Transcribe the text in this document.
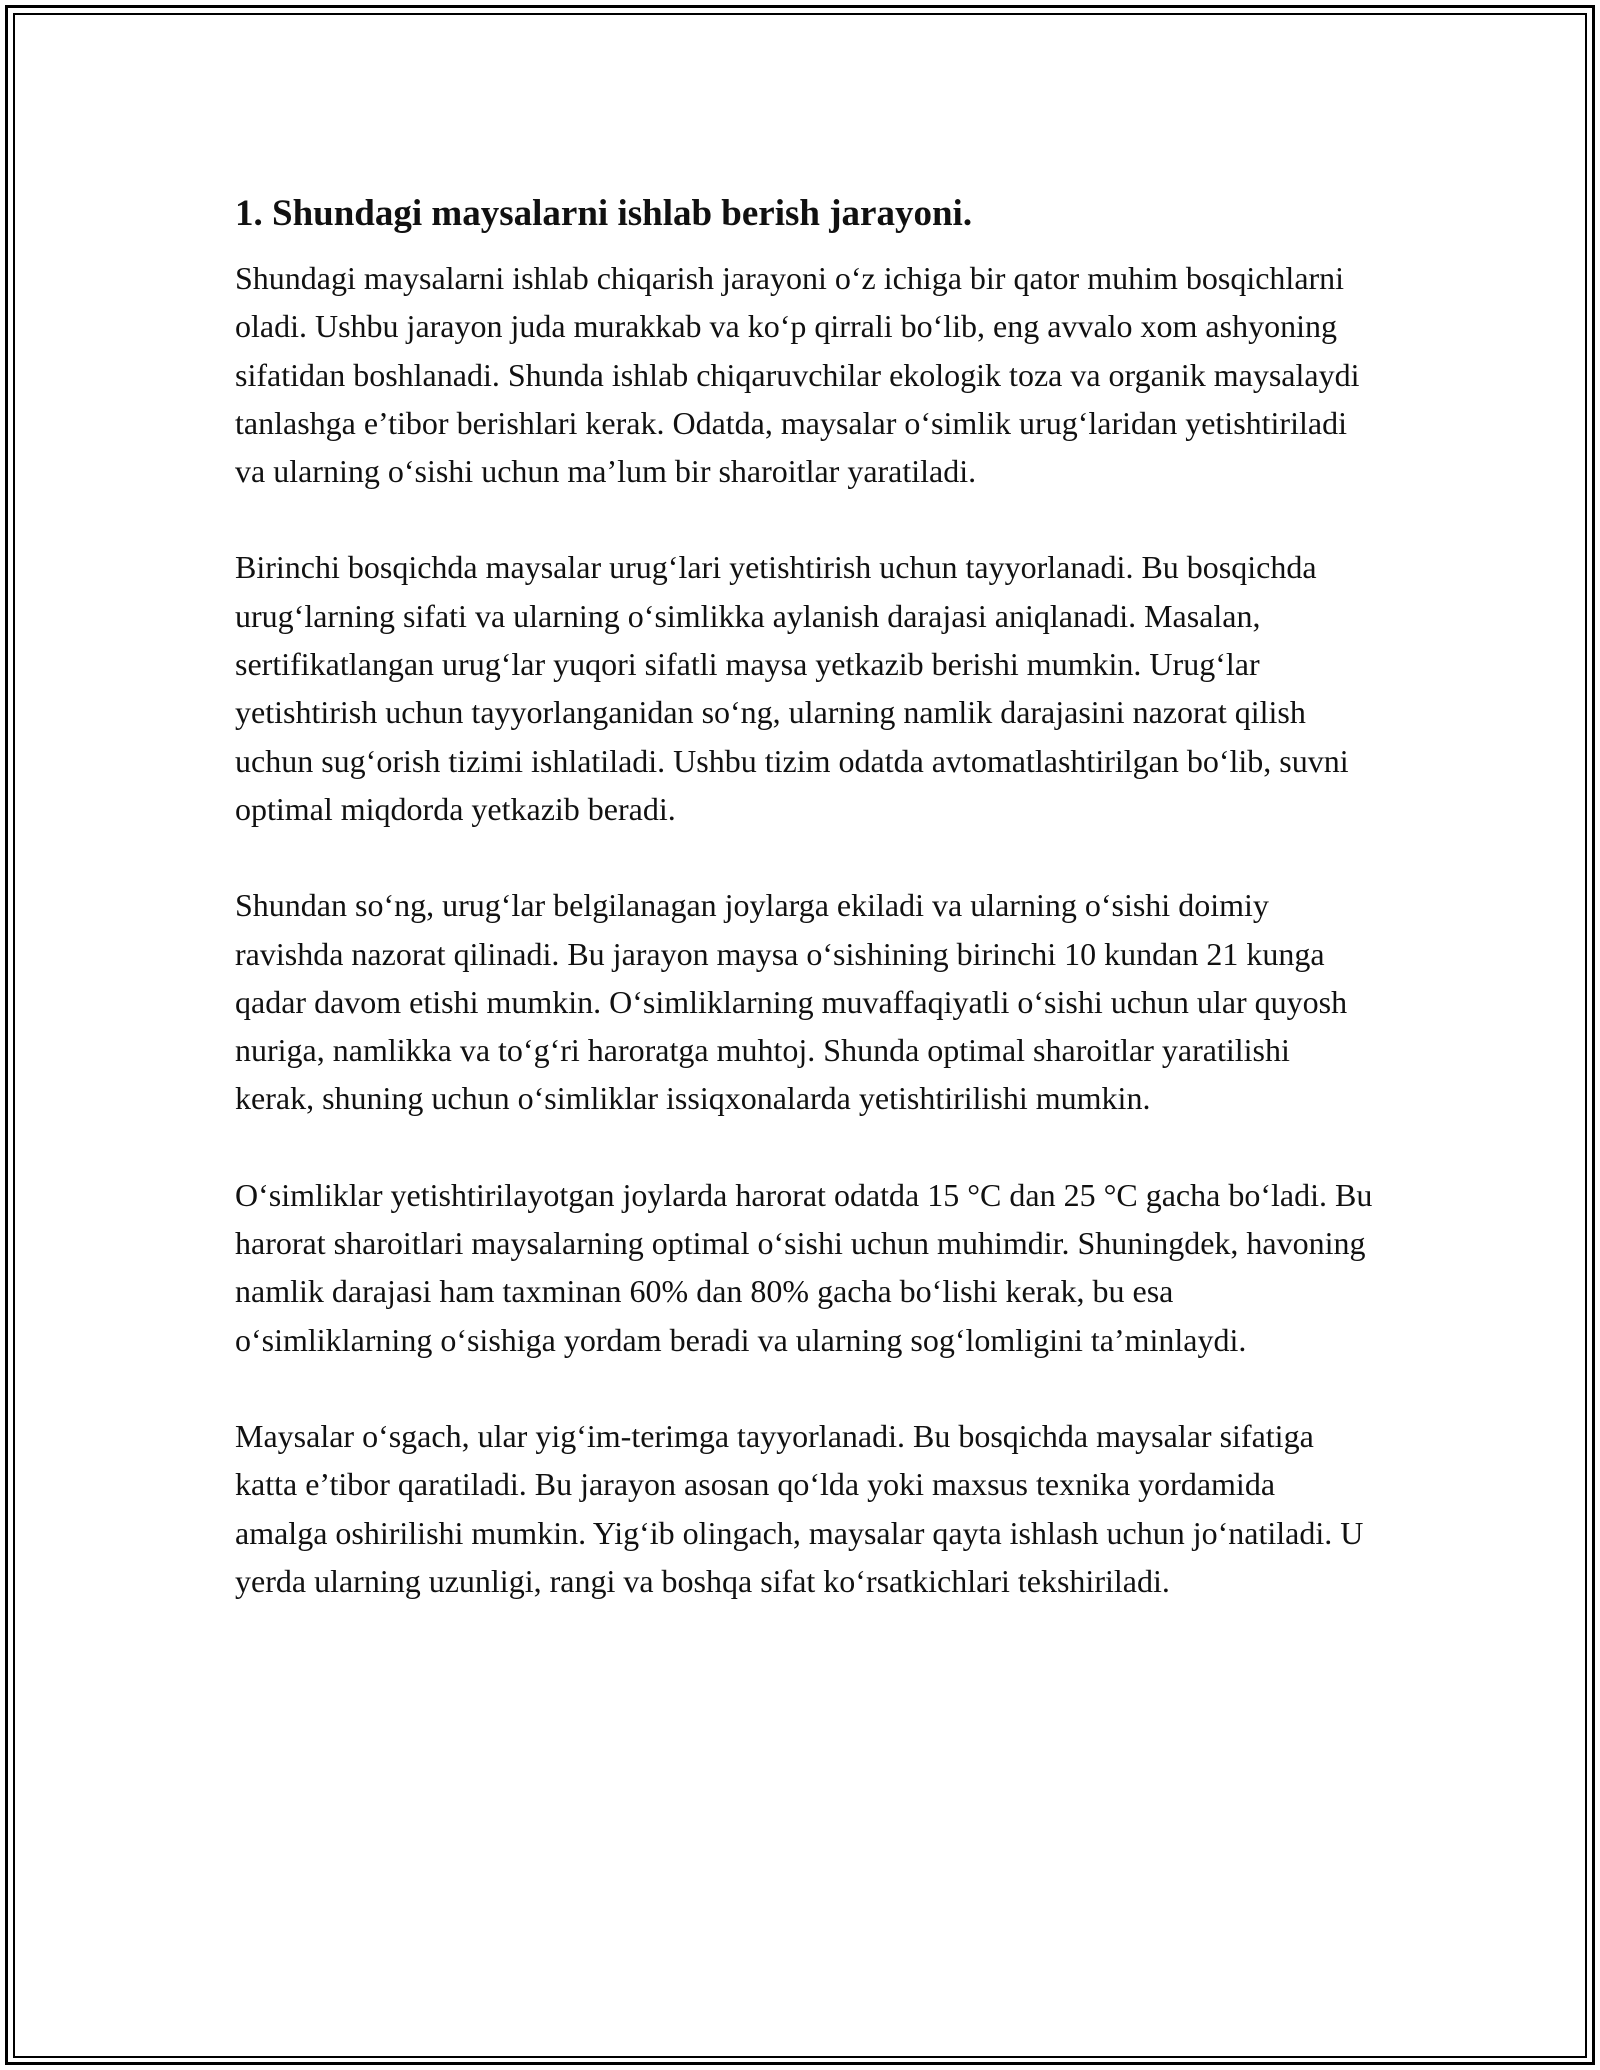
1. Shundagi maysalarni ishlab berish jarayoni.

Shundagi maysalarni ishlab chiqarish jarayoni o‘z ichiga bir qator muhim bosqichlarni oladi. Ushbu jarayon juda murakkab va ko‘p qirrali bo‘lib, eng avvalo xom ashyoning sifatidan boshlanadi. Shunda ishlab chiqaruvchilar ekologik toza va organik maysalaydi tanlashga e’tibor berishlari kerak. Odatda, maysalar o‘simlik urug‘laridan yetishtiriladi va ularning o‘sishi uchun ma’lum bir sharoitlar yaratiladi.

Birinchi bosqichda maysalar urug‘lari yetishtirish uchun tayyorlanadi. Bu bosqichda urug‘larning sifati va ularning o‘simlikka aylanish darajasi aniqlanadi. Masalan, sertifikatlangan urug‘lar yuqori sifatli maysa yetkazib berishi mumkin. Urug‘lar yetishtirish uchun tayyorlanganidan so‘ng, ularning namlik darajasini nazorat qilish uchun sug‘orish tizimi ishlatiladi. Ushbu tizim odatda avtomatlashtirilgan bo‘lib, suvni optimal miqdorda yetkazib beradi.

Shundan so‘ng, urug‘lar belgilanagan joylarga ekiladi va ularning o‘sishi doimiy ravishda nazorat qilinadi. Bu jarayon maysa o‘sishining birinchi 10 kundan 21 kunga qadar davom etishi mumkin. O‘simliklarning muvaffaqiyatli o‘sishi uchun ular quyosh nuriga, namlikka va to‘g‘ri haroratga muhtoj. Shunda optimal sharoitlar yaratilishi kerak, shuning uchun o‘simliklar issiqxonalarda yetishtirilishi mumkin.

O‘simliklar yetishtirilayotgan joylarda harorat odatda 15 °C dan 25 °C gacha bo‘ladi. Bu harorat sharoitlari maysalarning optimal o‘sishi uchun muhimdir. Shuningdek, havoning namlik darajasi ham taxminan 60% dan 80% gacha bo‘lishi kerak, bu esa o‘simliklarning o‘sishiga yordam beradi va ularning sog‘lomligini ta’minlaydi.

Maysalar o‘sgach, ular yig‘im-terimga tayyorlanadi. Bu bosqichda maysalar sifatiga katta e’tibor qaratiladi. Bu jarayon asosan qo‘lda yoki maxsus texnika yordamida amalga oshirilishi mumkin. Yig‘ib olingach, maysalar qayta ishlash uchun jo‘natiladi. U yerda ularning uzunligi, rangi va boshqa sifat ko‘rsatkichlari tekshiriladi.
